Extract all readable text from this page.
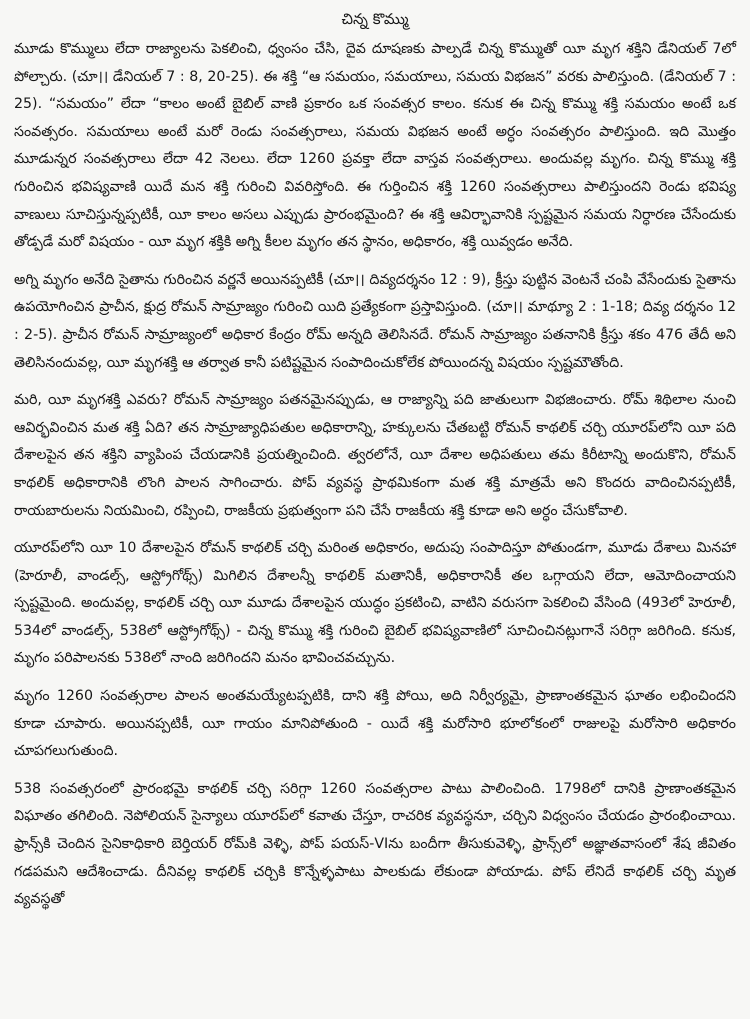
చిన్న కొమ్ము

మూడు కొమ్ములు లేదా రాజ్యాలను పెకలించి, ధ్వంసం చేసి, దైవ దూషణకు పాల్పడే చిన్న కొమ్ముతో యీ మృగ శక్తిని డేనియల్ 7లో పోల్చారు. (చూ।। డేనియల్ 7 : 8, 20-25). ఈ శక్తి “ఆ సమయం, సమయాలు, సమయ విభజన” వరకు పాలిస్తుంది. (డేనియల్ 7 : 25). “సమయం” లేదా “కాలం అంటే బైబిల్ వాణి ప్రకారం ఒక సంవత్సర కాలం. కనుక ఈ చిన్న కొమ్ము శక్తి సమయం అంటే ఒక సంవత్సరం. సమయాలు అంటే మరో రెండు సంవత్సరాలు, సమయ విభజన అంటే అర్ధం సంవత్సరం పాలిస్తుంది. ఇది మొత్తం మూడున్నర సంవత్సరాలు లేదా 42 నెలలు. లేదా 1260 ప్రవక్తా లేదా వాస్తవ సంవత్సరాలు. అందువల్ల మృగం. చిన్న కొమ్ము శక్తి గురించిన భవిష్యవాణి యిదే మన శక్తి గురించి వివరిస్తోంది. ఈ గుర్తించిన శక్తి 1260 సంవత్సరాలు పాలిస్తుందని రెండు భవిష్య వాణులు సూచిస్తున్నప్పటికీ, యీ కాలం అసలు ఎప్పుడు ప్రారంభమైంది? ఈ శక్తి ఆవిర్భావానికి స్పష్టమైన సమయ నిర్ధారణ చేసేందుకు తోడ్పడే మరో విషయం - యీ మృగ శక్తికి అగ్ని కీలల మృగం తన స్థానం, అధికారం, శక్తి యివ్వడం అనేది.

అగ్ని మృగం అనేది సైతాను గురించిన వర్ణనే అయినప్పటికీ (చూ।। దివ్యదర్శనం 12 : 9), క్రీస్తు పుట్టిన వెంటనే చంపి వేసేందుకు సైతాను ఉపయోగించిన ప్రాచీన, క్షుద్ర రోమన్ సామ్రాజ్యం గురించి యిది ప్రత్యేకంగా ప్రస్తావిస్తుంది. (చూ।। మాథ్యూ 2 : 1-18; దివ్య దర్శనం 12 : 2-5). ప్రాచీన రోమన్ సామ్రాజ్యంలో అధికార కేంద్రం రోమ్ అన్నది తెలిసినదే. రోమన్ సామ్రాజ్యం పతనానికి క్రీస్తు శకం 476 తేదీ అని తెలిసినందువల్ల, యీ మృగశక్తి ఆ తర్వాత కానీ పటిష్టమైన సంపాదించుకోలేక పోయిందన్న విషయం స్పష్టమౌతోంది.

మరి, యీ మృగశక్తి ఎవరు? రోమన్ సామ్రాజ్యం పతనమైనప్పుడు, ఆ రాజ్యాన్ని పది జాతులుగా విభజించారు. రోమ్ శిథిలాల నుంచి ఆవిర్భవించిన మత శక్తి ఏది? తన సామ్రాజ్యాధిపతుల అధికారాన్ని, హక్కులను చేతబట్టి రోమన్ కాథలిక్ చర్చి యూరప్‌లోని యీ పది దేశాలపైన తన శక్తిని వ్యాపింప చేయడానికి ప్రయత్నించింది. త్వరలోనే, యీ దేశాల అధిపతులు తమ కిరీటాన్ని అందుకొని, రోమన్ కాథలిక్ అధికారానికి లొంగి పాలన సాగించారు. పోప్ వ్యవస్థ ప్రాథమికంగా మత శక్తి మాత్రమే అని కొందరు వాదించినప్పటికీ, రాయబారులను నియమించి, రప్పించి, రాజకీయ ప్రభుత్వంగా పని చేసే రాజకీయ శక్తి కూడా అని అర్ధం చేసుకోవాలి.

యూరప్‌లోని యీ 10 దేశాలపైన రోమన్ కాథలిక్ చర్చి మరింత అధికారం, అదుపు సంపాదిస్తూ పోతుండగా, మూడు దేశాలు మినహా (హెరూలీ, వాండల్స్, ఆస్ట్రోగోథ్స్) మిగిలిన దేశాలన్నీ కాథలిక్ మతానికీ, అధికారానికీ తల ఒగ్గాయని లేదా, ఆమోదించాయని స్పష్టమైంది. అందువల్ల, కాథలిక్ చర్చి యీ మూడు దేశాలపైన యుద్ధం ప్రకటించి, వాటిని వరుసగా పెకలించి వేసింది (493లో హెరూలీ, 534లో వాండల్స్, 538లో ఆస్ట్రోగోథ్స్) - చిన్న కొమ్ము శక్తి గురించి బైబిల్ భవిష్యవాణిలో సూచించినట్లుగానే సరిగ్గా జరిగింది. కనుక, మృగం పరిపాలనకు 538లో నాంది జరిగిందని మనం భావించవచ్చును.

మృగం 1260 సంవత్సరాల పాలన అంతమయ్యేటప్పటికి, దాని శక్తి పోయి, అది నిర్వీర్యమై, ప్రాణాంతకమైన ఘాతం లభించిందని కూడా చూపారు. అయినప్పటికీ, యీ గాయం మానిపోతుంది - యిదే శక్తి మరోసారి భూలోకంలో రాజులపై మరోసారి అధికారం చూపగలుగుతుంది.

538 సంవత్సరంలో ప్రారంభమై కాథలిక్ చర్చి సరిగ్గా 1260 సంవత్సరాల పాటు పాలించింది. 1798లో దానికి ప్రాణాంతకమైన విఘాతం తగిలింది. నెపోలియన్ సైన్యాలు యూరప్‌లో కవాతు చేస్తూ, రాచరిక వ్యవస్థనూ, చర్చిని విధ్వంసం చేయడం ప్రారంభించాయి. ఫ్రాన్స్‌కి చెందిన సైనికాధికారి బెర్తియర్ రోమ్‌కి వెళ్ళి, పోప్ పయస్-VIను బందీగా తీసుకువెళ్ళి, ఫ్రాన్స్‌లో అజ్ఞాతవాసంలో శేష జీవితం గడపమని ఆదేశించాడు. దీనివల్ల కాథలిక్ చర్చికి కొన్నేళ్ళపాటు పాలకుడు లేకుండా పోయాడు. పోప్ లేనిదే కాథలిక్ చర్చి మృత వ్యవస్థతో
